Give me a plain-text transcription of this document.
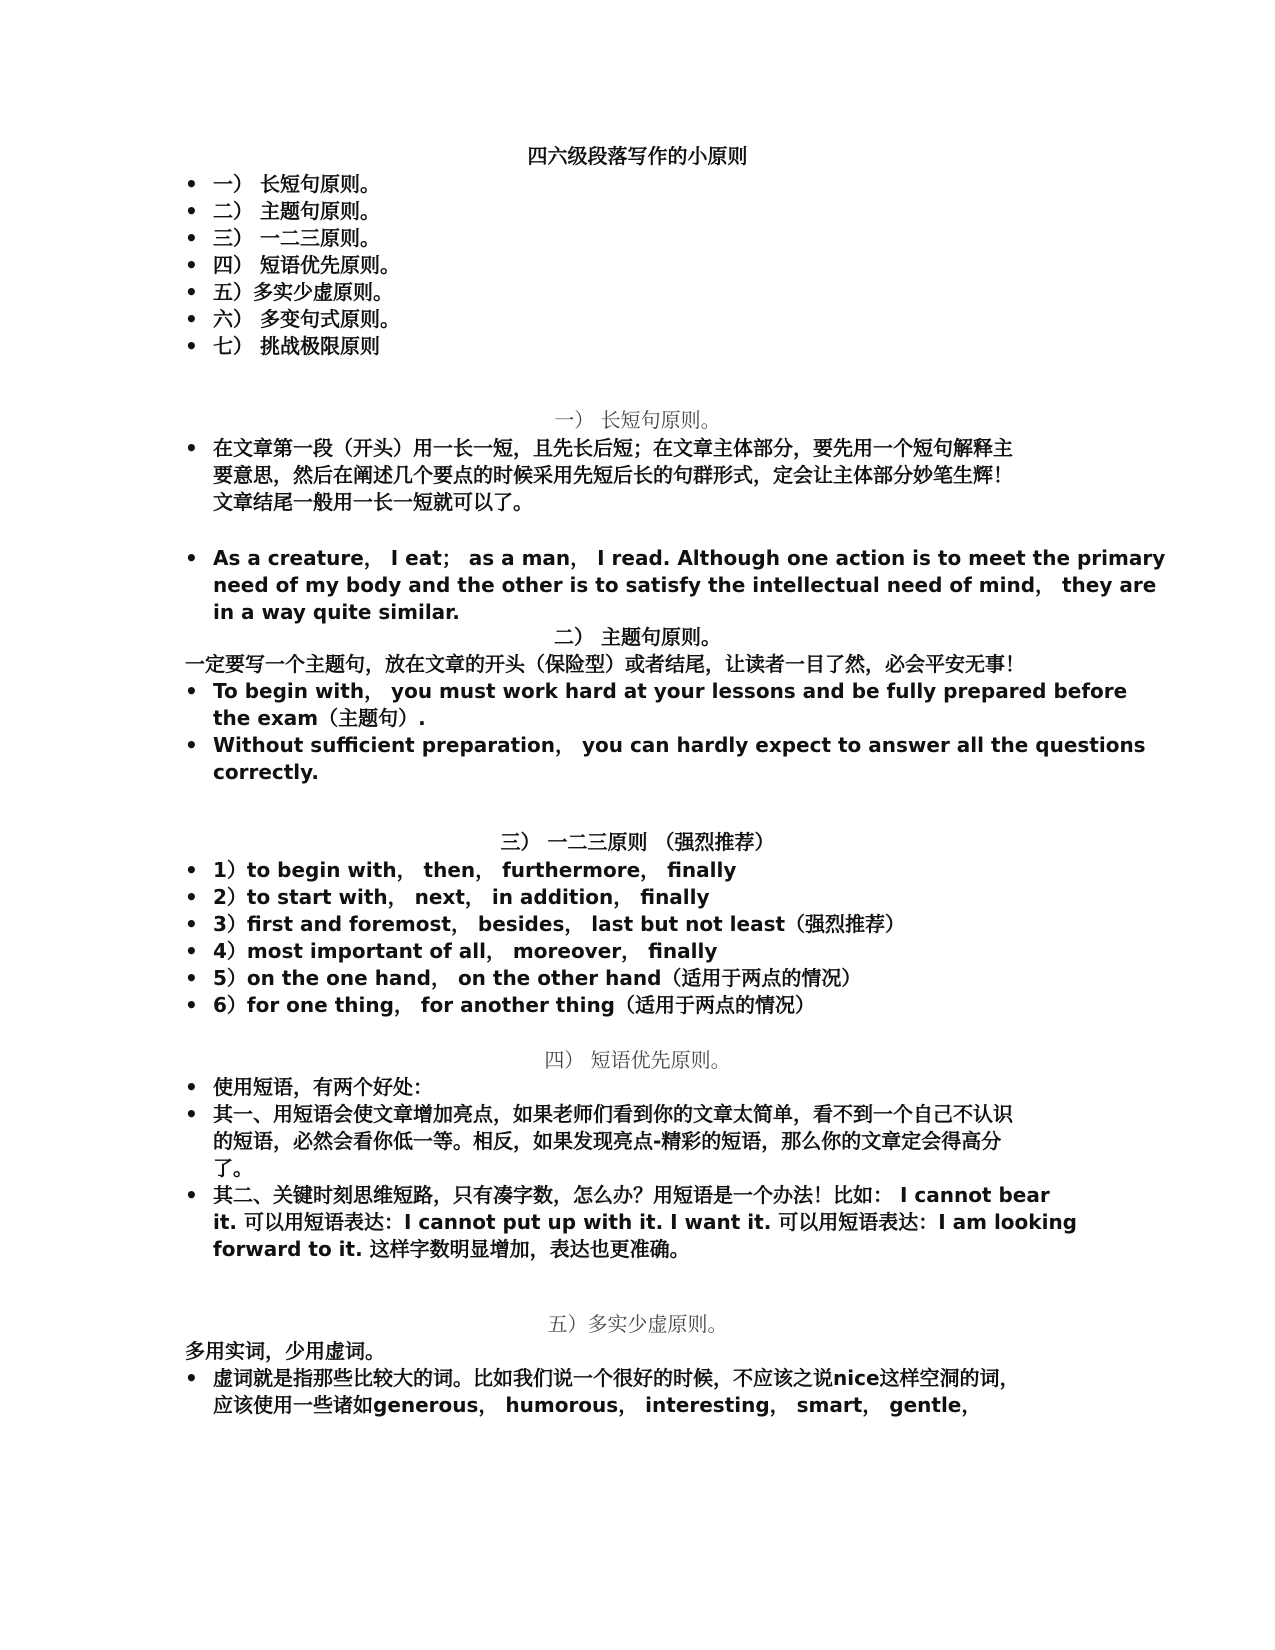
四六级段落写作的小原则
• 一） 长短句原则。
• 二） 主题句原则。
• 三） 一二三原则。
• 四） 短语优先原则。
• 五）多实少虚原则。
• 六） 多变句式原则。
• 七） 挑战极限原则
一） 长短句原则。
• 在文章第一段（开头）用一长一短，且先长后短；在文章主体部分，要先用一个短句解释主
要意思，然后在阐述几个要点的时候采用先短后长的句群形式，定会让主体部分妙笔生辉！
文章结尾一般用一长一短就可以了。
• As a creature， I eat； as a man， I read. Although one action is to meet the primary
need of my body and the other is to satisfy the intellectual need of mind， they are
in a way quite similar.
二） 主题句原则。
一定要写一个主题句，放在文章的开头（保险型）或者结尾，让读者一目了然，必会平安无事！
• To begin with， you must work hard at your lessons and be fully prepared before
the exam（主题句）.
• Without sufficient preparation， you can hardly expect to answer all the questions
correctly.
三） 一二三原则 （强烈推荐）
• 1）to begin with， then， furthermore， finally
• 2）to start with， next， in addition， finally
• 3）first and foremost， besides， last but not least（强烈推荐）
• 4）most important of all， moreover， finally
• 5）on the one hand， on the other hand（适用于两点的情况）
• 6）for one thing， for another thing（适用于两点的情况）
四） 短语优先原则。
• 使用短语，有两个好处：
• 其一、用短语会使文章增加亮点，如果老师们看到你的文章太简单，看不到一个自己不认识
的短语，必然会看你低一等。相反，如果发现亮点-精彩的短语，那么你的文章定会得高分
了。
• 其二、关键时刻思维短路，只有凑字数，怎么办？用短语是一个办法！比如： I cannot bear
it. 可以用短语表达：I cannot put up with it. I want it. 可以用短语表达：I am looking
forward to it. 这样字数明显增加，表达也更准确。
五）多实少虚原则。
多用实词，少用虚词。
• 虚词就是指那些比较大的词。比如我们说一个很好的时候，不应该之说nice这样空洞的词，
应该使用一些诸如generous， humorous， interesting， smart， gentle，
